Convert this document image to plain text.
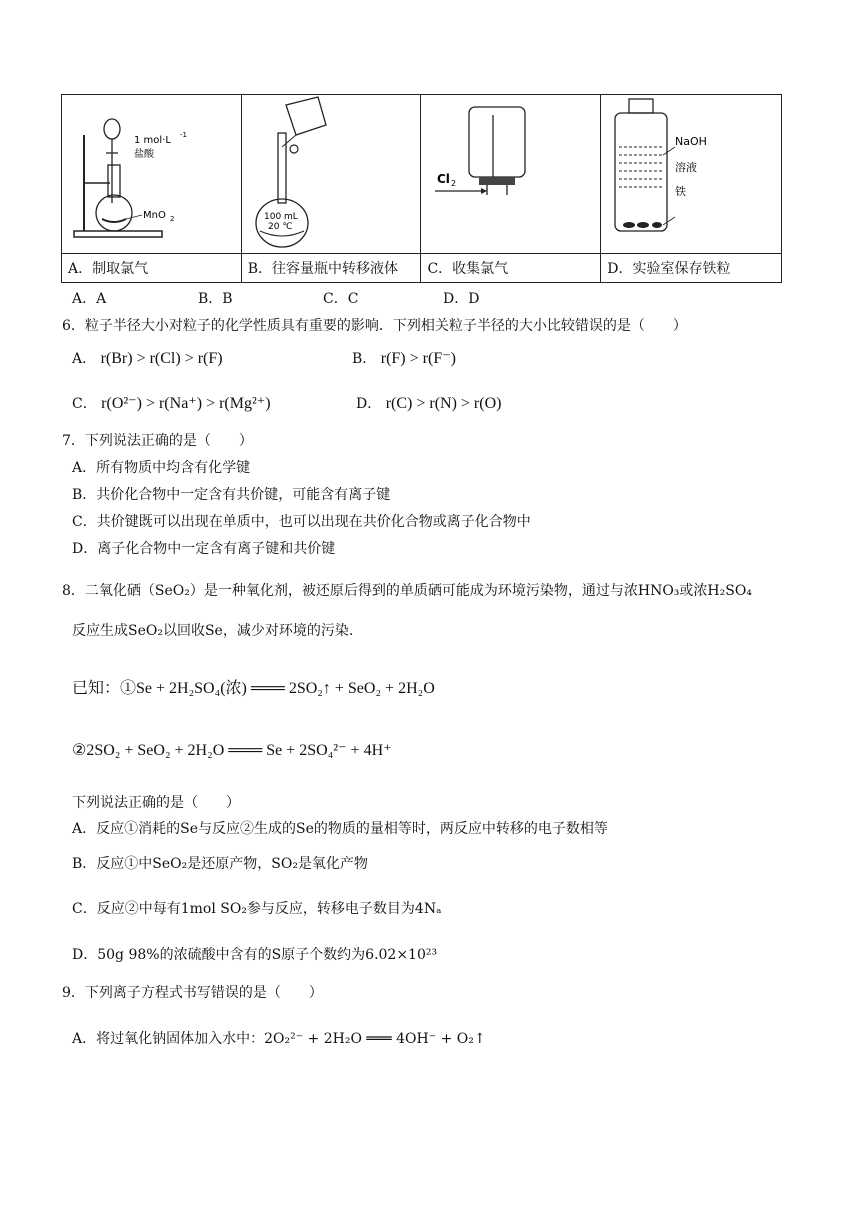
1 mol·L -1
盐酸
MnO 2	100 mL
20 ℃	Cl 2	NaOH
溶液
铁

A．制取氯气	B．往容量瓶中转移液体	C．收集氯气	D．实验室保存铁粒
A．A	B．B	C．C	D．D
6．粒子半径大小对粒子的化学性质具有重要的影响．下列相关粒子半径的大小比较错误的是（　　）
A． r(Br) > r(Cl) > r(F)	B． r(F) > r(F⁻)
C． r(O²⁻) > r(Na⁺) > r(Mg²⁺)	D． r(C) > r(N) > r(O)
7．下列说法正确的是（　　）
A．所有物质中均含有化学键
B．共价化合物中一定含有共价键，可能含有离子键
C．共价键既可以出现在单质中，也可以出现在共价化合物或离子化合物中
D．离子化合物中一定含有离子键和共价键
8．二氧化硒（SeO₂）是一种氧化剂，被还原后得到的单质硒可能成为环境污染物，通过与浓HNO₃或浓H₂SO₄
反应生成SeO₂以回收Se，减少对环境的污染.
已知：①Se + 2H₂SO₄(浓) ═══ 2SO₂↑ + SeO₂ + 2H₂O
②2SO₂ + SeO₂ + 2H₂O ═══ Se + 2SO₄²⁻ + 4H⁺
下列说法正确的是（　　）
A．反应①消耗的Se与反应②生成的Se的物质的量相等时，两反应中转移的电子数相等
B．反应①中SeO₂是还原产物，SO₂是氧化产物
C．反应②中每有1mol SO₂参与反应，转移电子数目为4Nₐ
D．50g 98%的浓硫酸中含有的S原子个数约为6.02×10²³
9．下列离子方程式书写错误的是（　　）
A．将过氧化钠固体加入水中：2O₂²⁻ + 2H₂O ═══ 4OH⁻ + O₂↑
